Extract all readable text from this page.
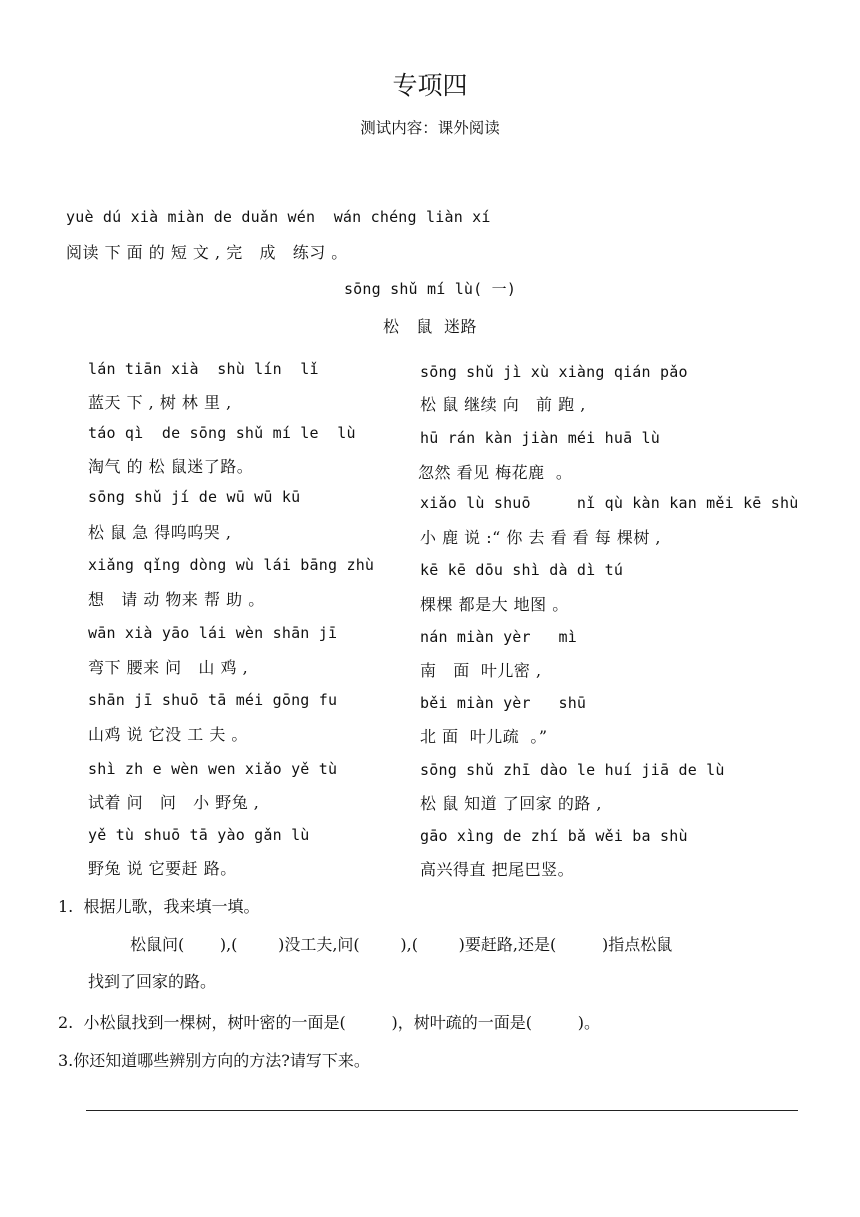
专项四
测试内容：课外阅读
yuè dú xià miàn de duǎn wén  wán chéng liàn xí
阅读 下 面 的 短 文 , 完   成   练习 。
sōng shǔ mí lù( 一)
松   鼠  迷路
lán tiān xià  shù lín  lǐ
蓝天 下 , 树 林 里 ,
táo qì  de sōng shǔ mí le  lù
淘气 的 松 鼠迷了路。
sōng shǔ jí de wū wū kū
松 鼠 急 得呜呜哭 ,
xiǎng qǐng dòng wù lái bāng zhù
想   请 动 物来 帮 助 。
wān xià yāo lái wèn shān jī
弯下 腰来 问   山 鸡 ,
shān jī shuō tā méi gōng fu
山鸡 说 它没 工 夫 。
shì zh e wèn wen xiǎo yě tù
试着 问   问   小 野兔 ,
yě tù shuō tā yào gǎn lù
野兔 说 它要赶 路。
sōng shǔ jì xù xiàng qián pǎo
松 鼠 继续 向   前 跑 ,
hū rán kàn jiàn méi huā lù
忽然 看见 梅花鹿  。
xiǎo lù shuō     nǐ qù kàn kan měi kē shù
小 鹿 说 :“ 你 去 看 看 每 棵树 ,
kē kē dōu shì dà dì tú
棵棵 都是大 地图 。
nán miàn yèr   mì
南   面  叶儿密 ,
běi miàn yèr   shū
北 面  叶儿疏  。”
sōng shǔ zhī dào le huí jiā de lù
松 鼠 知道 了回家 的路 ,
gāo xìng de zhí bǎ wěi ba shù
高兴得直 把尾巴竖。
1.  根据儿歌，我来填一填。
松鼠问(       ),(        )没工夫,问(        ),(        )要赶路,还是(         )指点松鼠
找到了回家的路。
2.  小松鼠找到一棵树，树叶密的一面是(         )，树叶疏的一面是(         )。
3.你还知道哪些辨别方向的方法?请写下来。
